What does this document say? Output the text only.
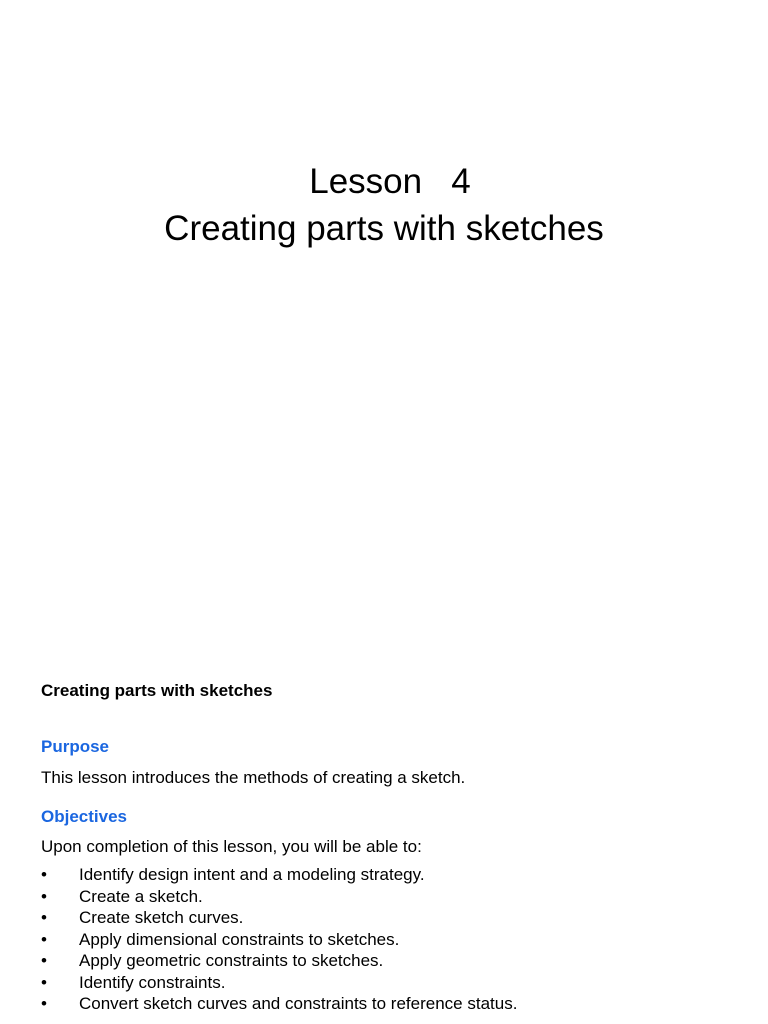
Lesson   4
Creating parts with sketches
Creating parts with sketches
Purpose

This lesson introduces the methods of creating a sketch.

Objectives

Upon completion of this lesson, you will be able to:

• Identify design intent and a modeling strategy.
• Create a sketch.
• Create sketch curves.
• Apply dimensional constraints to sketches.
• Apply geometric constraints to sketches.
• Identify constraints.
• Convert sketch curves and constraints to reference status.
